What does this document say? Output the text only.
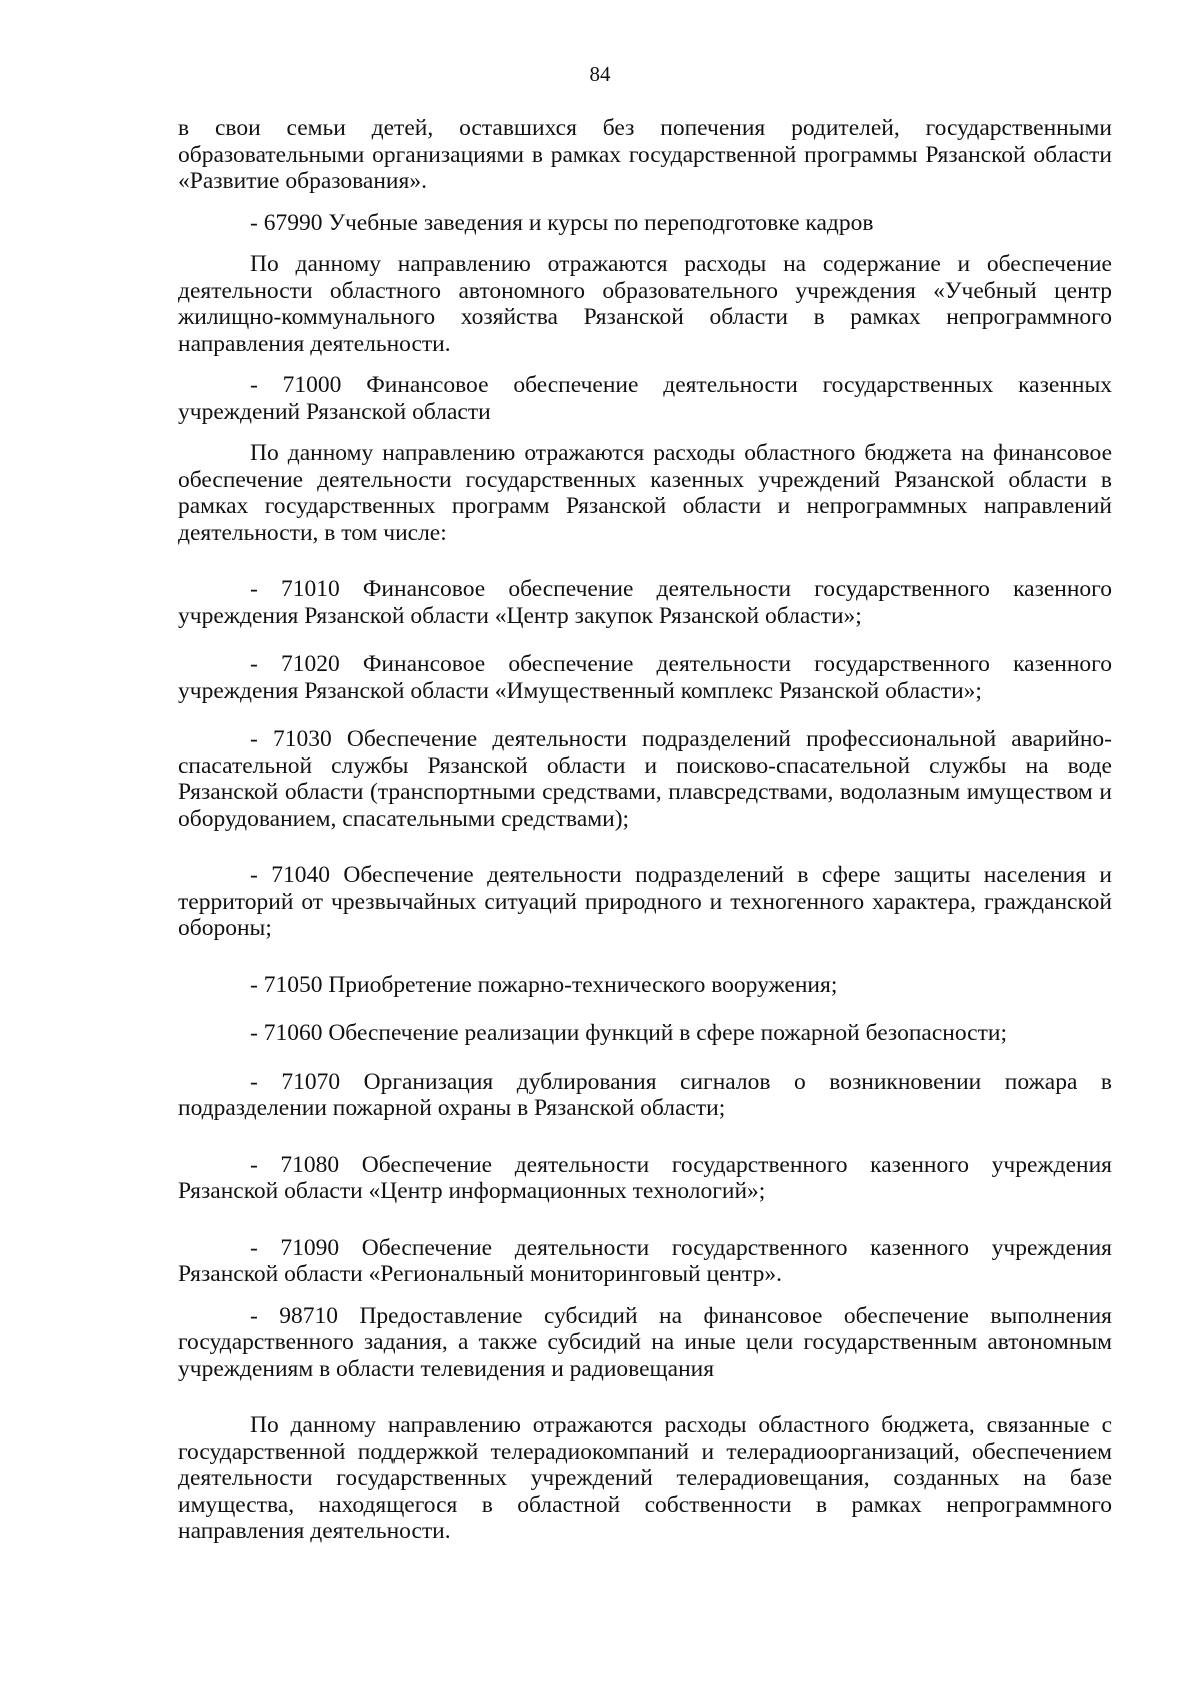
84

в свои семьи детей, оставшихся без попечения родителей, государственными образовательными организациями в рамках государственной программы Рязанской области «Развитие образования».

- 67990 Учебные заведения и курсы по переподготовке кадров

По данному направлению отражаются расходы на содержание и обеспечение деятельности областного автономного образовательного учреждения «Учебный центр жилищно-коммунального хозяйства Рязанской области в рамках непрограммного направления деятельности.

- 71000 Финансовое обеспечение деятельности государственных казенных учреждений Рязанской области

По данному направлению отражаются расходы областного бюджета на финансовое обеспечение деятельности государственных казенных учреждений Рязанской области в рамках государственных программ Рязанской области и непрограммных направлений деятельности, в том числе:

- 71010 Финансовое обеспечение деятельности государственного казенного учреждения Рязанской области «Центр закупок Рязанской области»;

- 71020 Финансовое обеспечение деятельности государственного казенного учреждения Рязанской области «Имущественный комплекс Рязанской области»;

- 71030 Обеспечение деятельности подразделений профессиональной аварийно-спасательной службы Рязанской области и поисково-спасательной службы на воде Рязанской области (транспортными средствами, плавсредствами, водолазным имуществом и оборудованием, спасательными средствами);

- 71040 Обеспечение деятельности подразделений в сфере защиты населения и территорий от чрезвычайных ситуаций природного и техногенного характера, гражданской обороны;

- 71050 Приобретение пожарно-технического вооружения;

- 71060 Обеспечение реализации функций в сфере пожарной безопасности;

- 71070 Организация дублирования сигналов о возникновении пожара в подразделении пожарной охраны в Рязанской области;

- 71080 Обеспечение деятельности государственного казенного учреждения Рязанской области «Центр информационных технологий»;

- 71090 Обеспечение деятельности государственного казенного учреждения Рязанской области «Региональный мониторинговый центр».

- 98710 Предоставление субсидий на финансовое обеспечение выполнения государственного задания, а также субсидий на иные цели государственным автономным учреждениям в области телевидения и радиовещания

По данному направлению отражаются расходы областного бюджета, связанные с государственной поддержкой телерадиокомпаний и телерадиоорганизаций, обеспечением деятельности государственных учреждений телерадиовещания, созданных на базе имущества, находящегося в областной собственности в рамках непрограммного направления деятельности.
